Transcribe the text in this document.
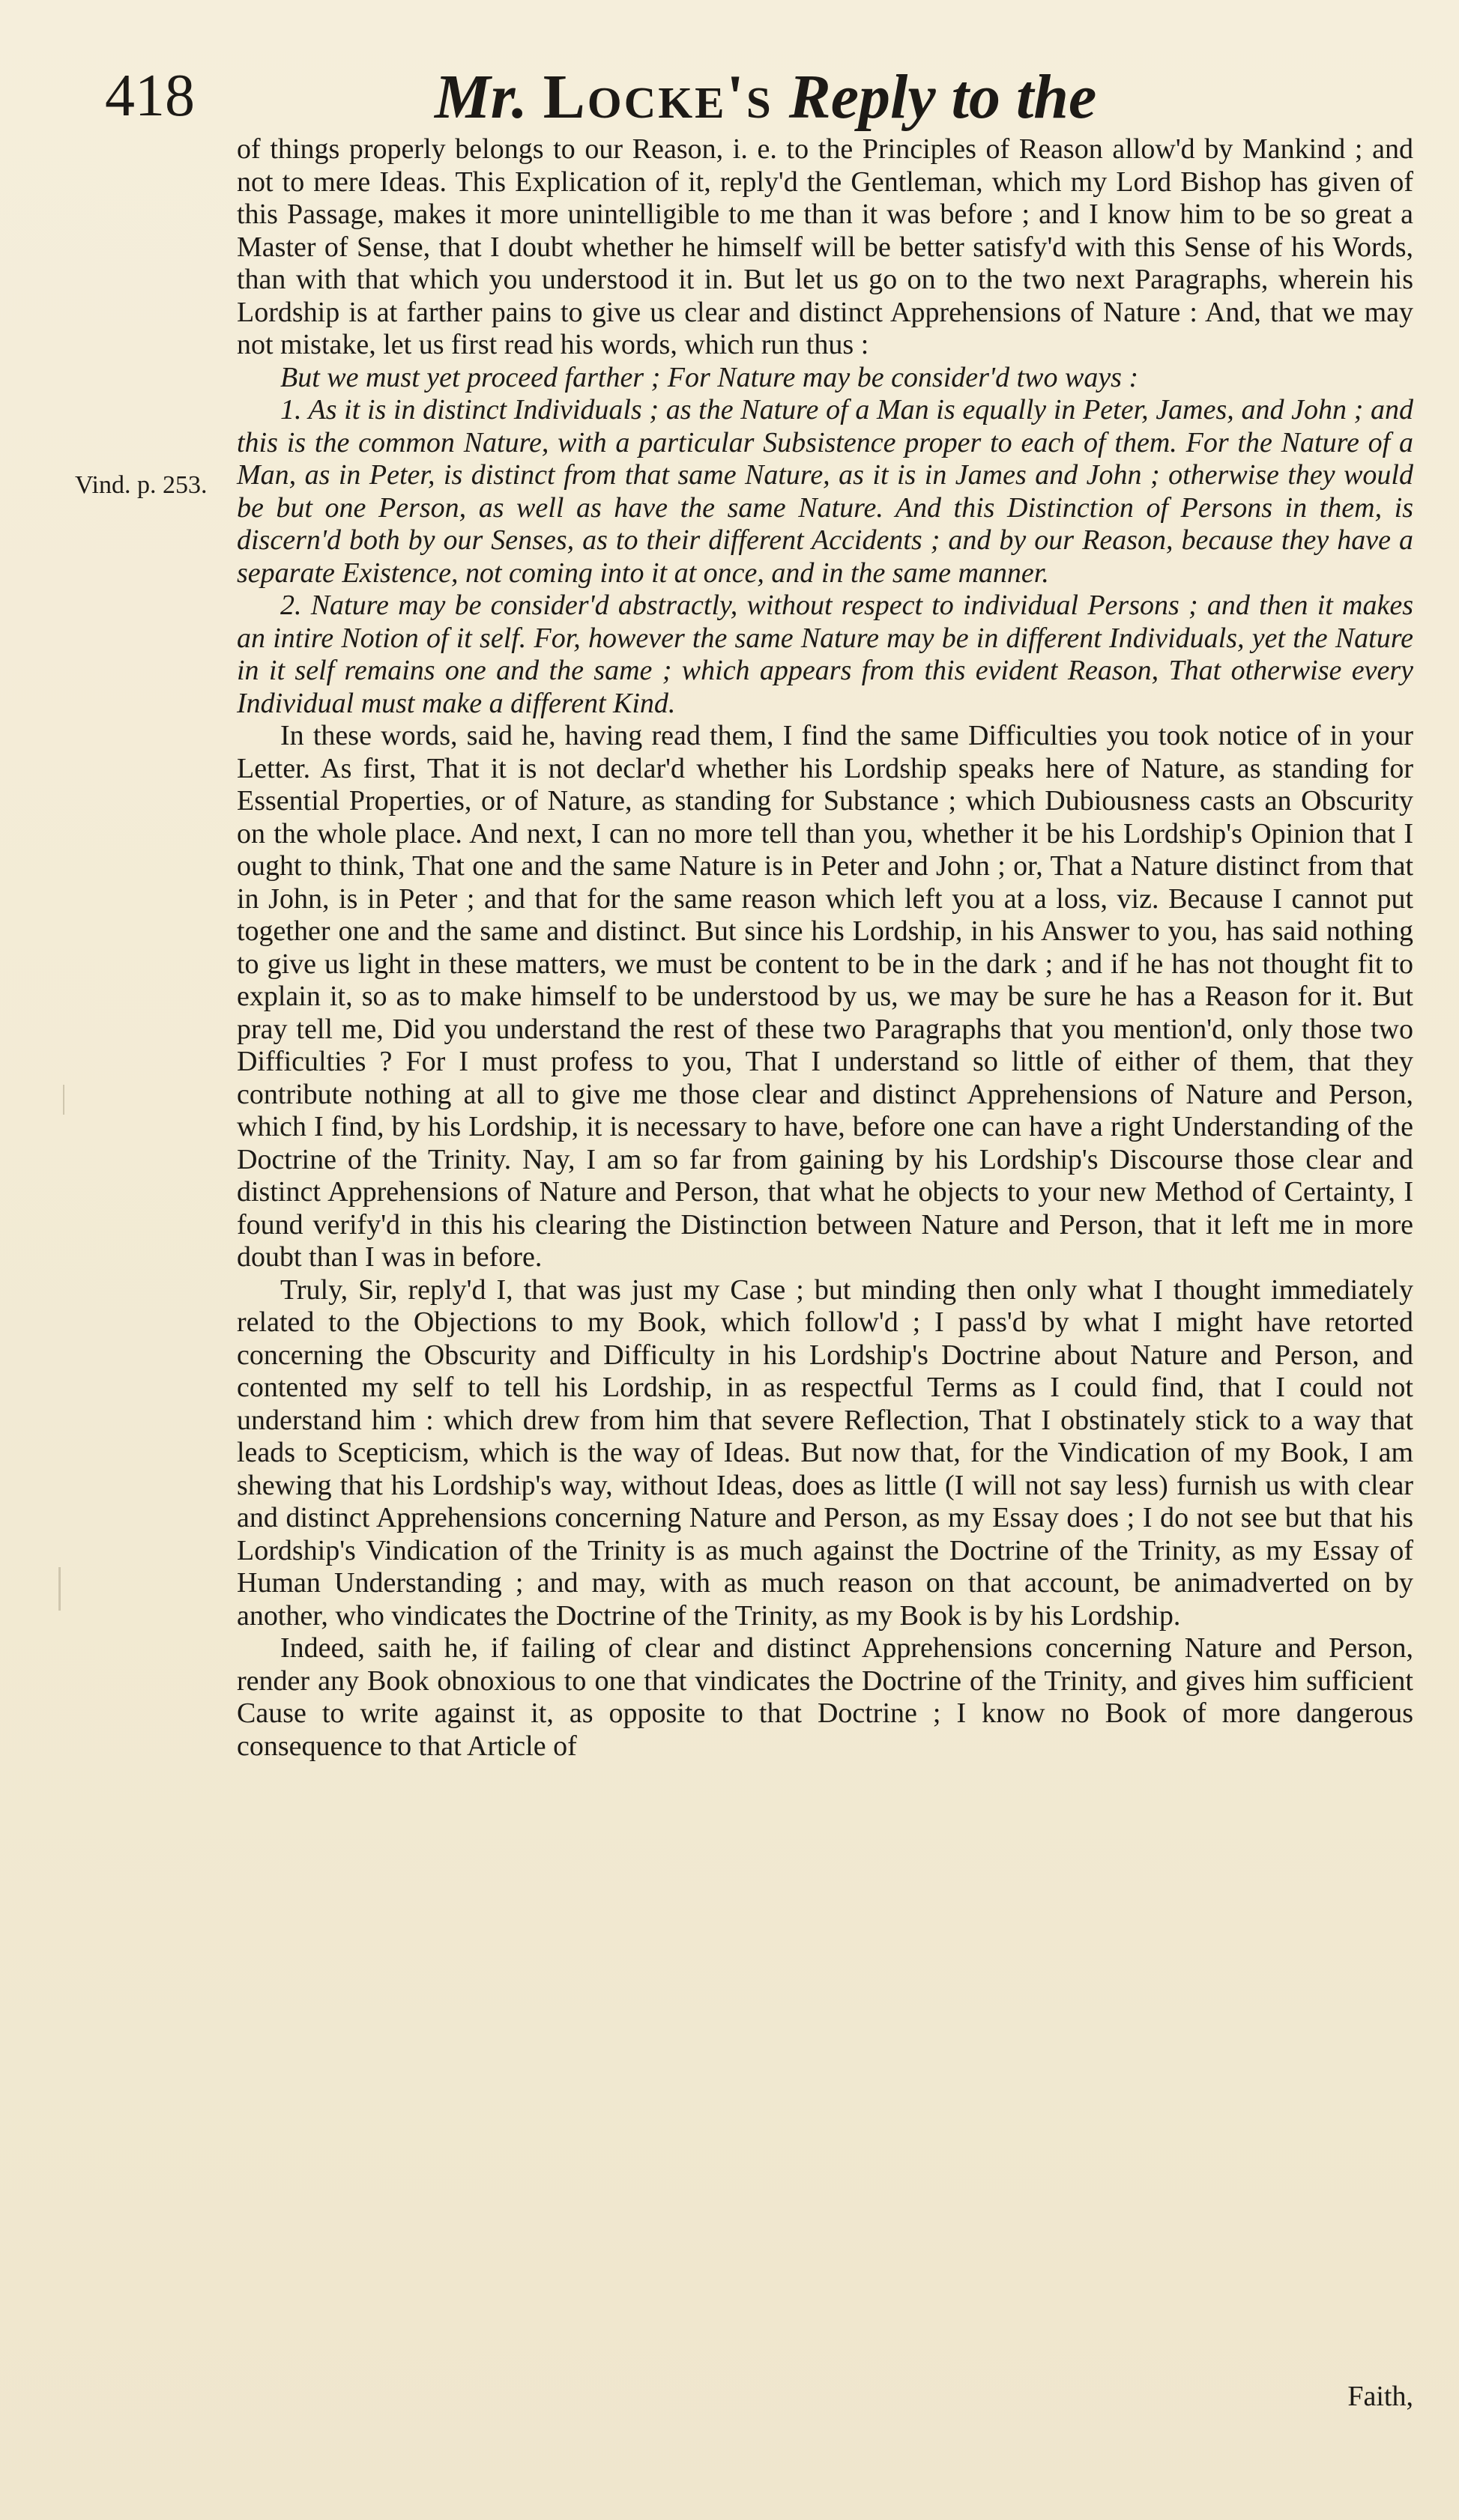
418	Mr. Locke's Reply to the
Vind. p. 253.

of things properly belongs to our Reason, i. e. to the Principles of Reason allow'd by Mankind ; and not to mere Ideas. This Explication of it, reply'd the Gentleman, which my Lord Bishop has given of this Passage, makes it more unintelligible to me than it was before ; and I know him to be so great a Master of Sense, that I doubt whether he himself will be better satisfy'd with this Sense of his Words, than with that which you understood it in. But let us go on to the two next Paragraphs, wherein his Lordship is at farther pains to give us clear and distinct Apprehensions of Nature : And, that we may not mistake, let us first read his words, which run thus :

But we must yet proceed farther ; For Nature may be consider'd two ways :

1. As it is in distinct Individuals ; as the Nature of a Man is equally in Peter, James, and John ; and this is the common Nature, with a particular Subsistence proper to each of them. For the Nature of a Man, as in Peter, is distinct from that same Nature, as it is in James and John ; otherwise they would be but one Person, as well as have the same Nature. And this Distinction of Persons in them, is discern'd both by our Senses, as to their different Accidents ; and by our Reason, because they have a separate Existence, not coming into it at once, and in the same manner.

2. Nature may be consider'd abstractly, without respect to individual Persons ; and then it makes an intire Notion of it self. For, however the same Nature may be in different Individuals, yet the Nature in it self remains one and the same ; which appears from this evident Reason, That otherwise every Individual must make a different Kind.

In these words, said he, having read them, I find the same Difficulties you took notice of in your Letter. As first, That it is not declar'd whether his Lordship speaks here of Nature, as standing for Essential Properties, or of Nature, as standing for Substance ; which Dubiousness casts an Obscurity on the whole place. And next, I can no more tell than you, whether it be his Lordship's Opinion that I ought to think, That one and the same Nature is in Peter and John ; or, That a Nature distinct from that in John, is in Peter ; and that for the same reason which left you at a loss, viz. Because I cannot put together one and the same and distinct. But since his Lordship, in his Answer to you, has said nothing to give us light in these matters, we must be content to be in the dark ; and if he has not thought fit to explain it, so as to make himself to be understood by us, we may be sure he has a Reason for it. But pray tell me, Did you understand the rest of these two Paragraphs that you mention'd, only those two Difficulties ? For I must profess to you, That I understand so little of either of them, that they contribute nothing at all to give me those clear and distinct Apprehensions of Nature and Person, which I find, by his Lordship, it is necessary to have, before one can have a right Understanding of the Doctrine of the Trinity. Nay, I am so far from gaining by his Lordship's Discourse those clear and distinct Apprehensions of Nature and Person, that what he objects to your new Method of Certainty, I found verify'd in this his clearing the Distinction between Nature and Person, that it left me in more doubt than I was in before.

Truly, Sir, reply'd I, that was just my Case ; but minding then only what I thought immediately related to the Objections to my Book, which follow'd ; I pass'd by what I might have retorted concerning the Obscurity and Difficulty in his Lordship's Doctrine about Nature and Person, and contented my self to tell his Lordship, in as respectful Terms as I could find, that I could not understand him : which drew from him that severe Reflection, That I obstinately stick to a way that leads to Scepticism, which is the way of Ideas. But now that, for the Vindication of my Book, I am shewing that his Lordship's way, without Ideas, does as little (I will not say less) furnish us with clear and distinct Apprehensions concerning Nature and Person, as my Essay does ; I do not see but that his Lordship's Vindication of the Trinity is as much against the Doctrine of the Trinity, as my Essay of Human Understanding ; and may, with as much reason on that account, be animadverted on by another, who vindicates the Doctrine of the Trinity, as my Book is by his Lordship.

Indeed, saith he, if failing of clear and distinct Apprehensions concerning Nature and Person, render any Book obnoxious to one that vindicates the Doctrine of the Trinity, and gives him sufficient Cause to write against it, as opposite to that Doctrine ; I know no Book of more dangerous consequence to that Article of

Faith,
